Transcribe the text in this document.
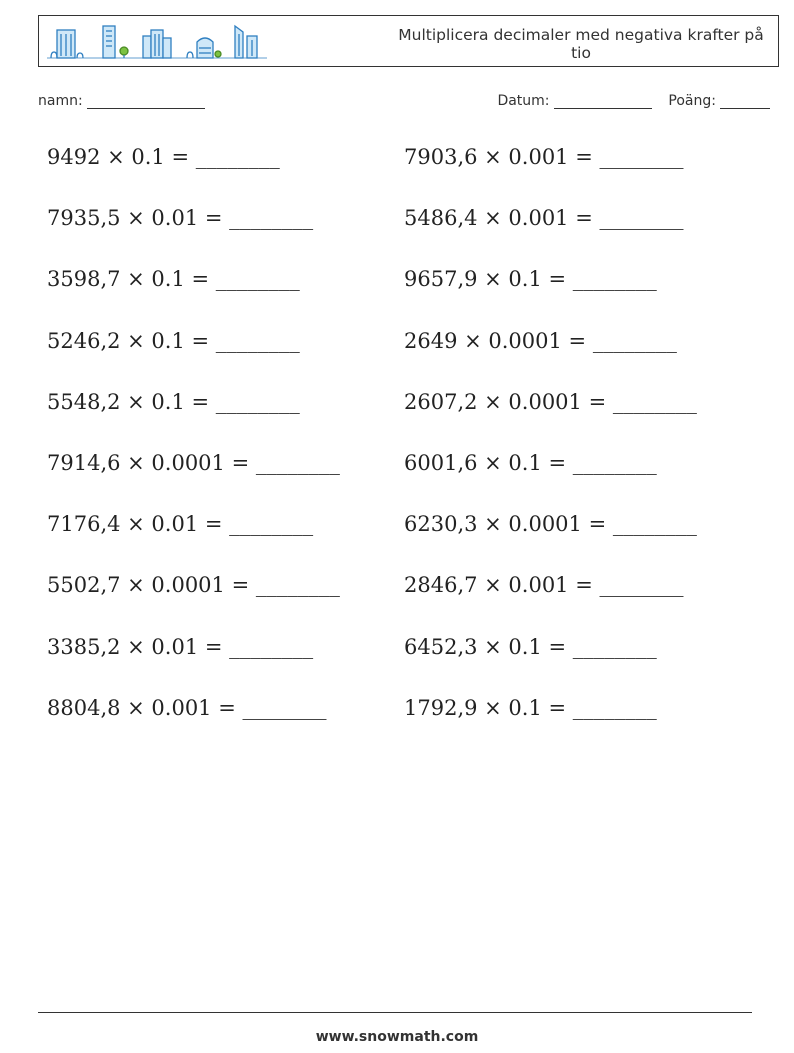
Multiplicera decimaler med negativa krafter på tio
namn:	Datum:	Poäng:
9492 × 0.1 = ________	7903,6 × 0.001 = ________
7935,5 × 0.01 = ________	5486,4 × 0.001 = ________
3598,7 × 0.1 = ________	9657,9 × 0.1 = ________
5246,2 × 0.1 = ________	2649 × 0.0001 = ________
5548,2 × 0.1 = ________	2607,2 × 0.0001 = ________
7914,6 × 0.0001 = ________	6001,6 × 0.1 = ________
7176,4 × 0.01 = ________	6230,3 × 0.0001 = ________
5502,7 × 0.0001 = ________	2846,7 × 0.001 = ________
3385,2 × 0.01 = ________	6452,3 × 0.1 = ________
8804,8 × 0.001 = ________	1792,9 × 0.1 = ________
www.snowmath.com
